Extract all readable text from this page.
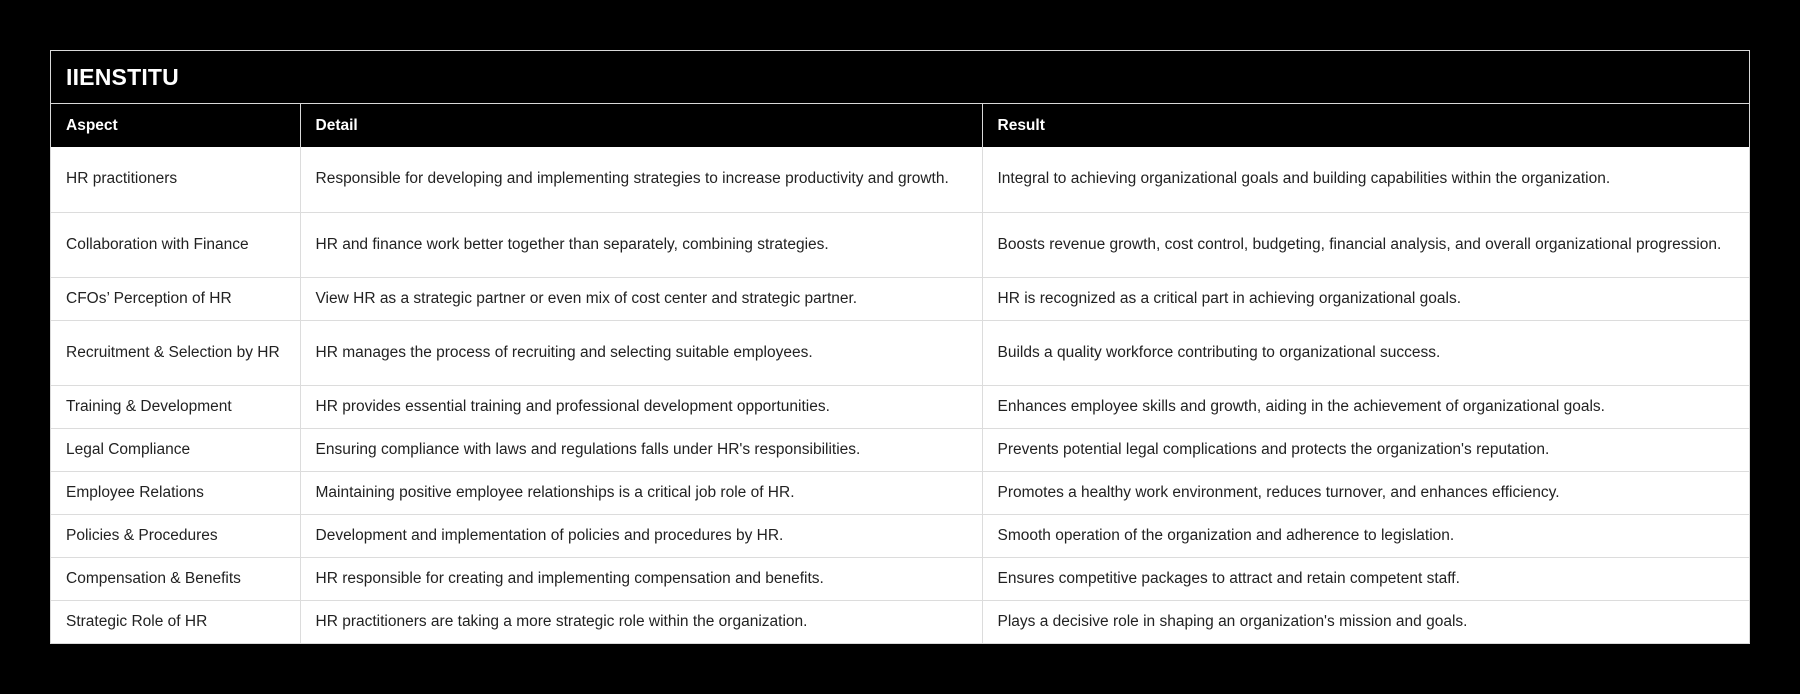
IIENSTITU
Aspect	Detail	Result
HR practitioners	Responsible for developing and implementing strategies to increase productivity and growth.	Integral to achieving organizational goals and building capabilities within the organization.
Collaboration with Finance	HR and finance work better together than separately, combining strategies.	Boosts revenue growth, cost control, budgeting, financial analysis, and overall organizational progression.
CFOs’ Perception of HR	View HR as a strategic partner or even mix of cost center and strategic partner.	HR is recognized as a critical part in achieving organizational goals.
Recruitment & Selection by HR	HR manages the process of recruiting and selecting suitable employees.	Builds a quality workforce contributing to organizational success.
Training & Development	HR provides essential training and professional development opportunities.	Enhances employee skills and growth, aiding in the achievement of organizational goals.
Legal Compliance	Ensuring compliance with laws and regulations falls under HR's responsibilities.	Prevents potential legal complications and protects the organization's reputation.
Employee Relations	Maintaining positive employee relationships is a critical job role of HR.	Promotes a healthy work environment, reduces turnover, and enhances efficiency.
Policies & Procedures	Development and implementation of policies and procedures by HR.	Smooth operation of the organization and adherence to legislation.
Compensation & Benefits	HR responsible for creating and implementing compensation and benefits.	Ensures competitive packages to attract and retain competent staff.
Strategic Role of HR	HR practitioners are taking a more strategic role within the organization.	Plays a decisive role in shaping an organization's mission and goals.
